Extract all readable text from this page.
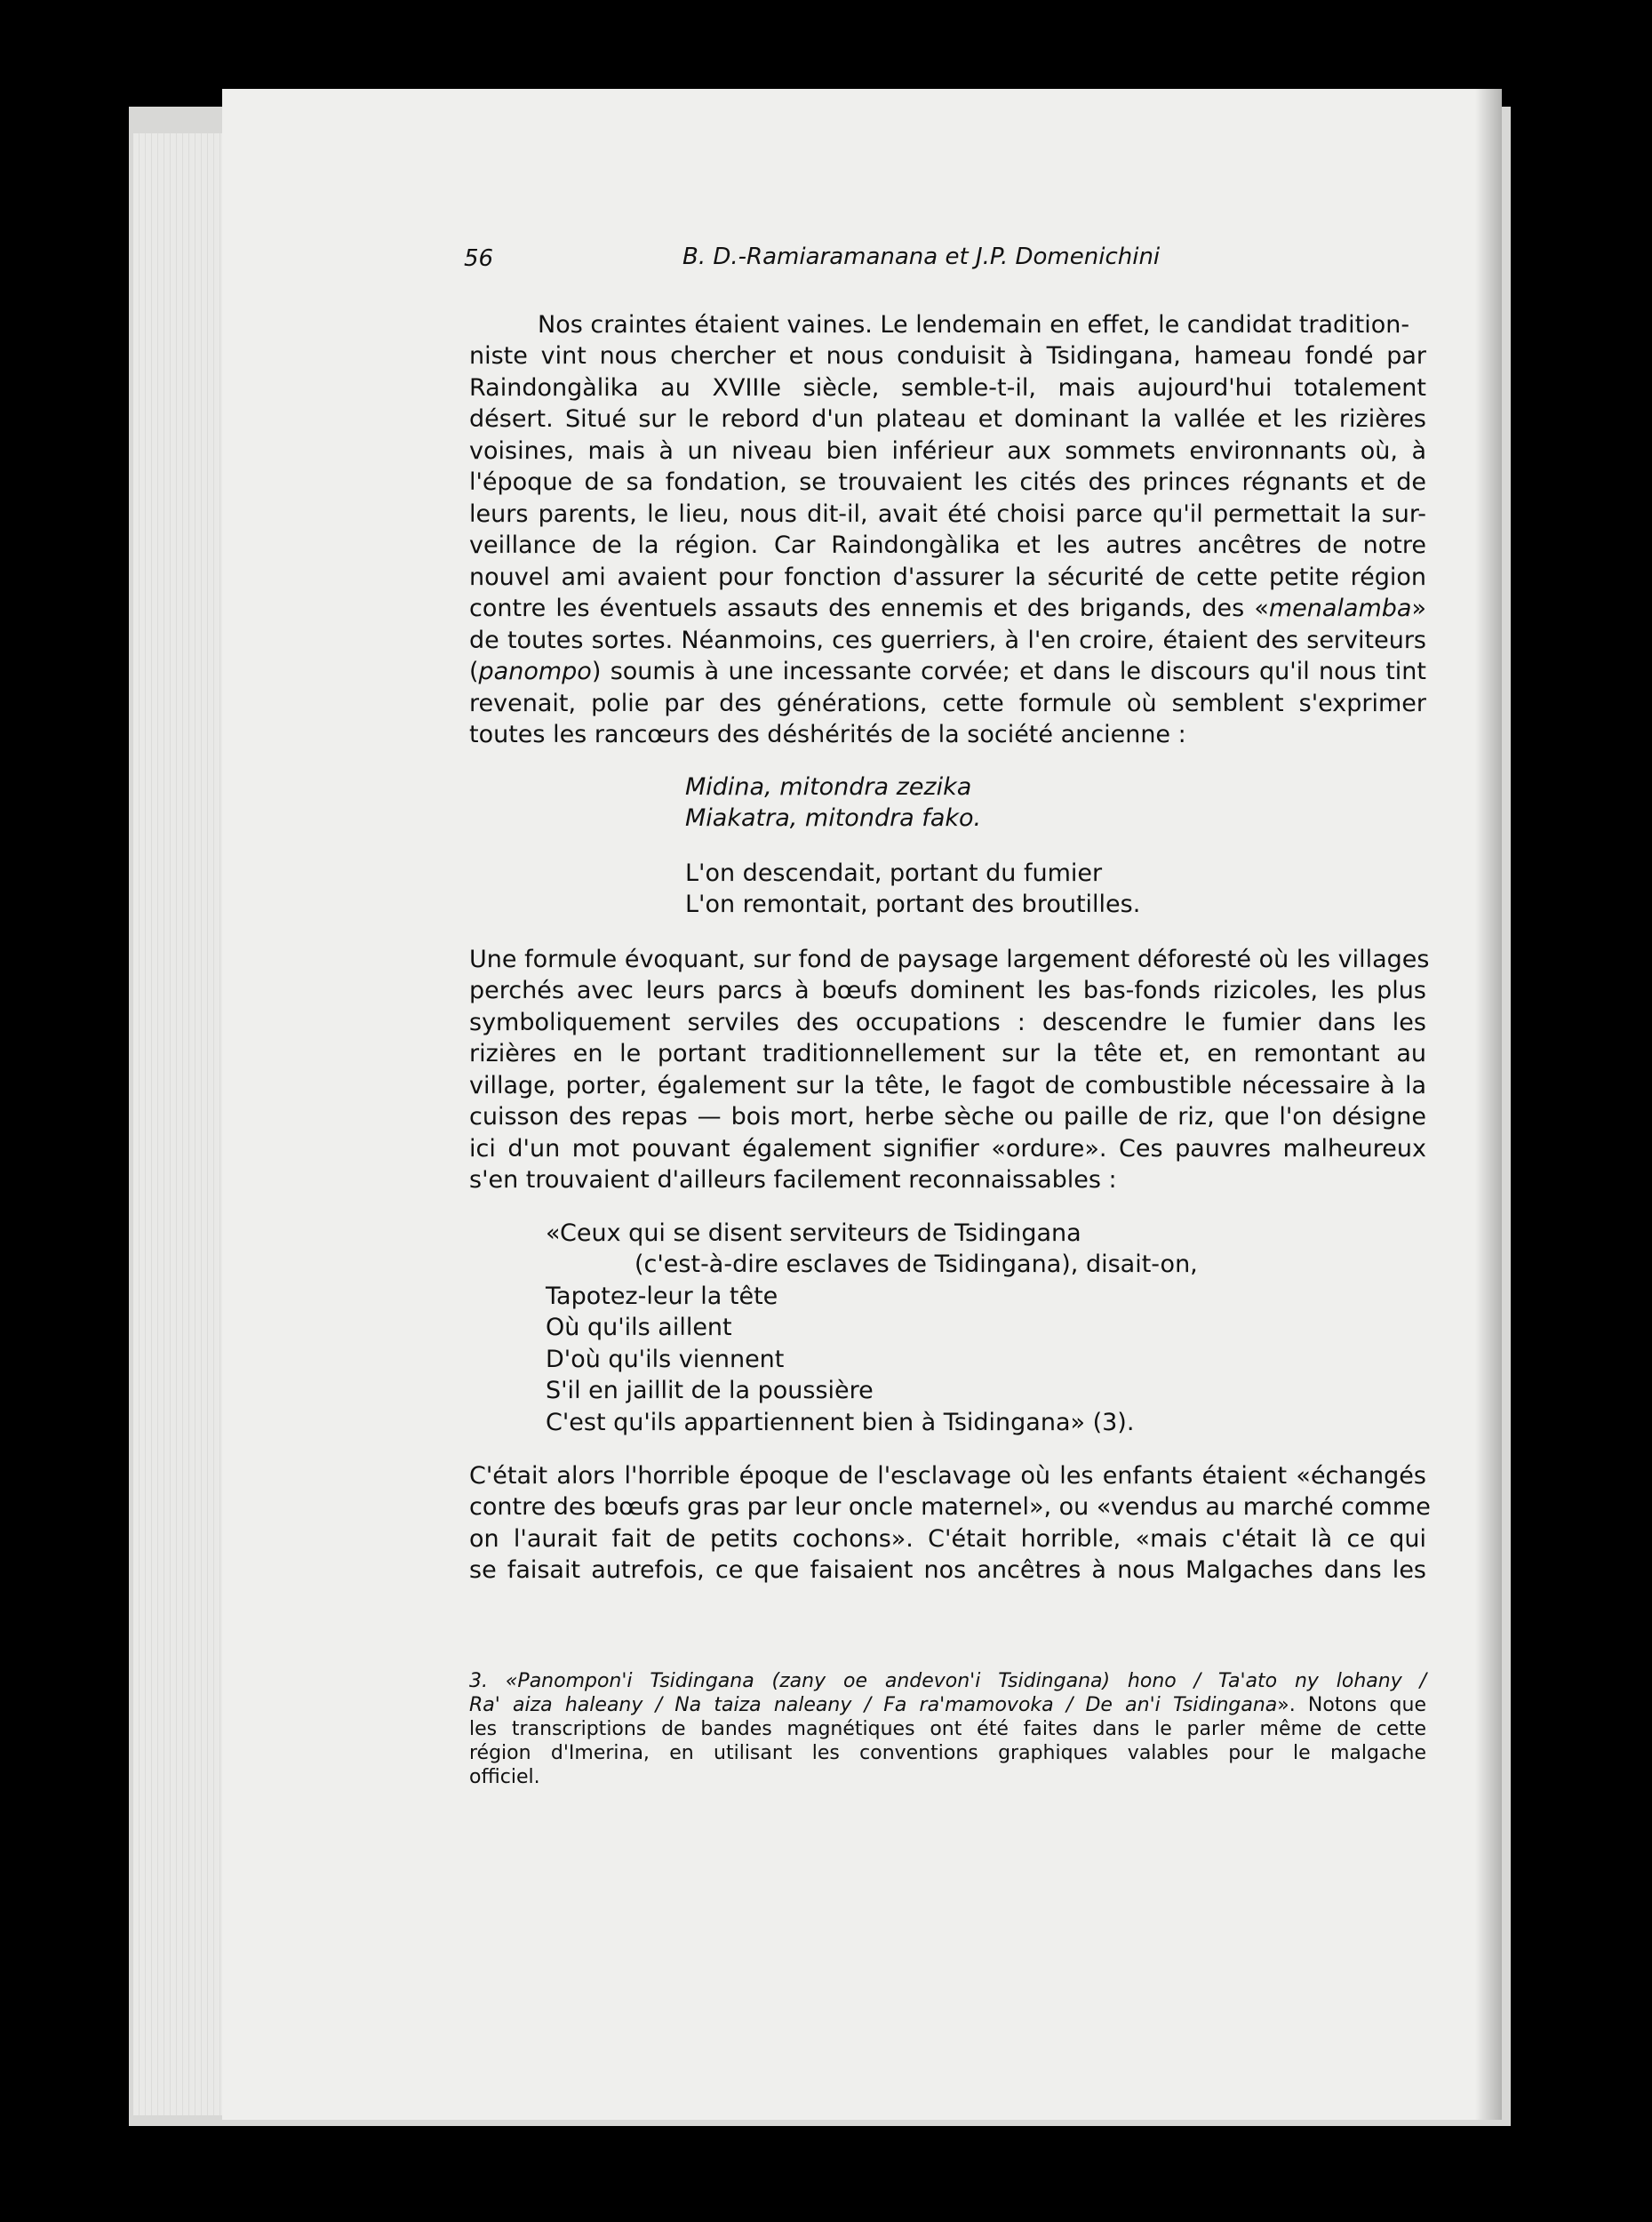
56	B. D.-Ramiaramanana et J.P. Domenichini
Nos craintes étaient vaines. Le lendemain en effet, le candidat tradition-
niste vint nous chercher et nous conduisit à Tsidingana, hameau fondé par
Raindongàlika au XVIIIe siècle, semble-t-il, mais aujourd'hui totalement
désert. Situé sur le rebord d'un plateau et dominant la vallée et les rizières
voisines, mais à un niveau bien inférieur aux sommets environnants où, à
l'époque de sa fondation, se trouvaient les cités des princes régnants et de
leurs parents, le lieu, nous dit-il, avait été choisi parce qu'il permettait la sur-
veillance de la région. Car Raindongàlika et les autres ancêtres de notre
nouvel ami avaient pour fonction d'assurer la sécurité de cette petite région
contre les éventuels assauts des ennemis et des brigands, des «menalamba»
de toutes sortes. Néanmoins, ces guerriers, à l'en croire, étaient des serviteurs
(panompo) soumis à une incessante corvée; et dans le discours qu'il nous tint
revenait, polie par des générations, cette formule où semblent s'exprimer
toutes les rancœurs des déshérités de la société ancienne :
Midina, mitondra zezika
Miakatra, mitondra fako.
L'on descendait, portant du fumier
L'on remontait, portant des broutilles.
Une formule évoquant, sur fond de paysage largement déforesté où les villages
perchés avec leurs parcs à bœufs dominent les bas-fonds rizicoles, les plus
symboliquement serviles des occupations : descendre le fumier dans les
rizières en le portant traditionnellement sur la tête et, en remontant au
village, porter, également sur la tête, le fagot de combustible nécessaire à la
cuisson des repas — bois mort, herbe sèche ou paille de riz, que l'on désigne
ici d'un mot pouvant également signifier «ordure». Ces pauvres malheureux
s'en trouvaient d'ailleurs facilement reconnaissables :
«Ceux qui se disent serviteurs de Tsidingana
(c'est-à-dire esclaves de Tsidingana), disait-on,
Tapotez-leur la tête
Où qu'ils aillent
D'où qu'ils viennent
S'il en jaillit de la poussière
C'est qu'ils appartiennent bien à Tsidingana» (3).
C'était alors l'horrible époque de l'esclavage où les enfants étaient «échangés
contre des bœufs gras par leur oncle maternel», ou «vendus au marché comme
on l'aurait fait de petits cochons». C'était horrible, «mais c'était là ce qui
se faisait autrefois, ce que faisaient nos ancêtres à nous Malgaches dans les
3. «Panompon'i Tsidingana (zany oe andevon'i Tsidingana) hono / Ta'ato ny lohany /
Ra' aiza haleany / Na taiza naleany / Fa ra'mamovoka / De an'i Tsidingana». Notons que
les transcriptions de bandes magnétiques ont été faites dans le parler même de cette
région d'Imerina, en utilisant les conventions graphiques valables pour le malgache
officiel.
